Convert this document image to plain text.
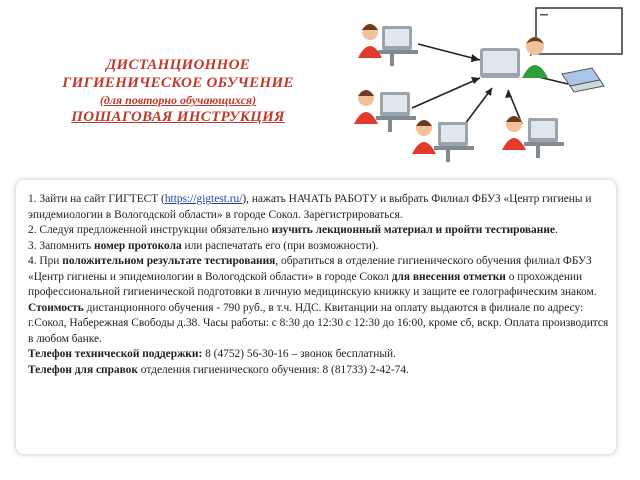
ДИСТАНЦИОННОЕ
ГИГИЕНИЧЕСКОЕ ОБУЧЕНИЕ
(для повторно обучающихся)
ПОШАГОВАЯ ИНСТРУКЦИЯ

1. Зайти на сайт ГИГТЕСТ (https://gigtest.ru/), нажать НАЧАТЬ РАБОТУ и выбрать Филиал ФБУЗ «Центр гигиены и эпидемиологии в Вологодской области» в городе Сокол. Зарегистрироваться.

2. Следуя предложенной инструкции обязательно изучить лекционный материал и пройти тестирование.

3. Запомнить номер протокола или распечатать его (при возможности).

4. При положительном результате тестирования, обратиться в отделение гигиенического обучения филиал ФБУЗ «Центр гигиены и эпидемиологии в Вологодской области» в городе Сокол для внесения отметки о прохождении профессиональной гигиенической подготовки в личную медицинскую книжку и защите ее голографическим знаком.

Стоимость дистанционного обучения - 790 руб., в т.ч. НДС. Квитанции на оплату выдаются в филиале по адресу: г.Сокол, Набережная Свободы д.38. Часы работы: с 8:30 до 12:30 с 12:30 до 16:00, кроме сб, вскр. Оплата производится в любом банке.

Телефон технической поддержки: 8 (4752) 56-30-16 – звонок бесплатный.

Телефон для справок отделения гигиенического обучения: 8 (81733) 2-42-74.
